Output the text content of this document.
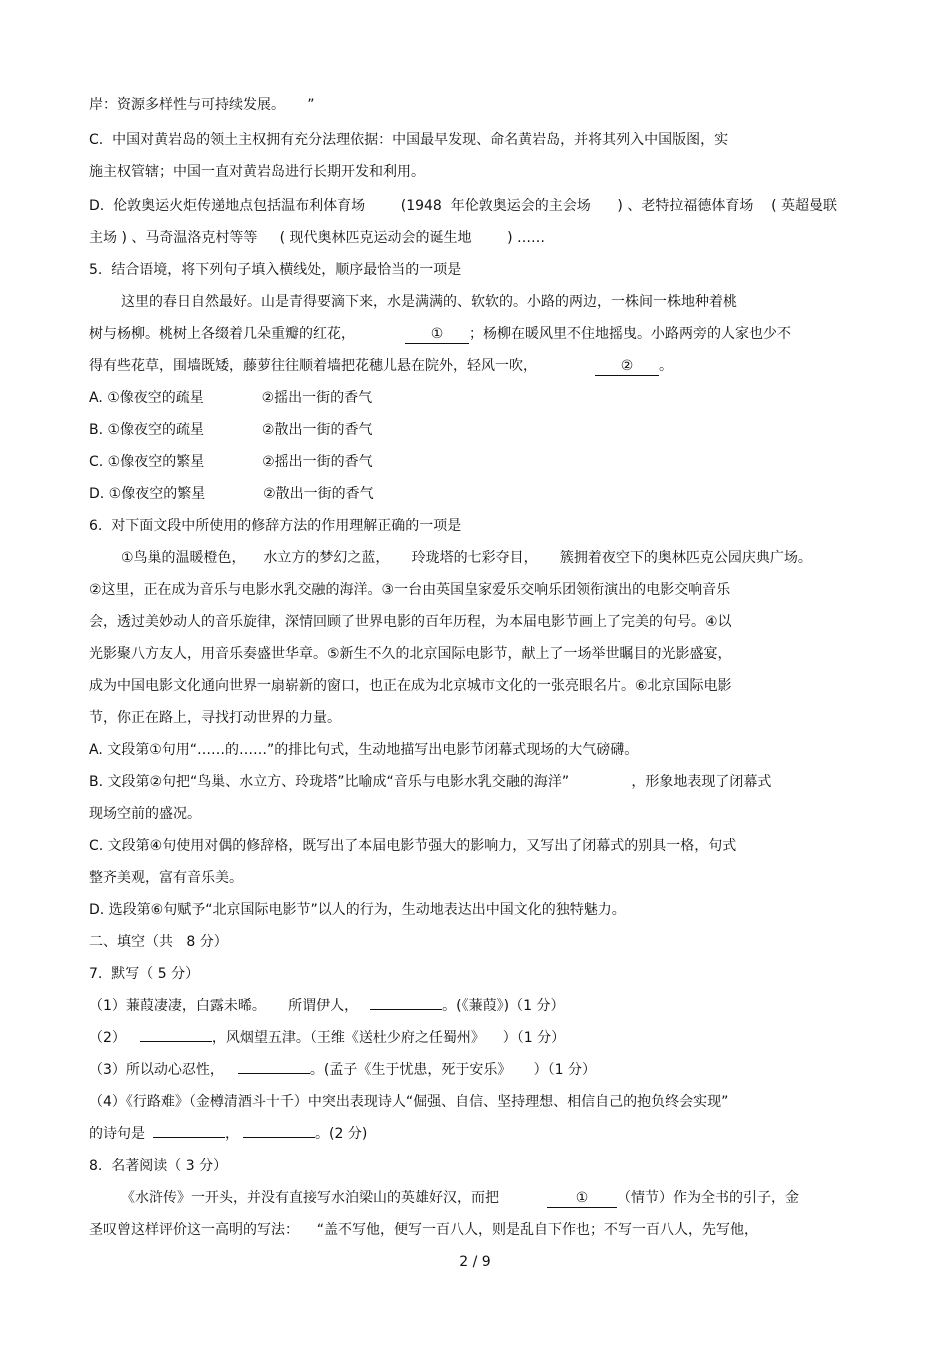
岸：资源多样性与可持续发展。     ”
C.  中国对黄岩岛的领土主权拥有充分法理依据：中国最早发现、命名黄岩岛，并将其列入中国版图，实
施主权管辖；中国一直对黄岩岛进行长期开发和利用。
D.  伦敦奥运火炬传递地点包括温布利体育场        (1948  年伦敦奥运会的主会场      ) 、老特拉福德体育场    ( 英超曼联
主场 ) 、马奇温洛克村等等     ( 现代奥林匹克运动会的诞生地        ) ……
5.  结合语境，将下列句子填入横线处，顺序最恰当的一项是
这里的春日自然最好。山是青得要滴下来，水是满满的、软软的。小路的两边，一株间一株地种着桃
树与杨柳。桃树上各缀着几朵重瓣的红花，	① ；杨柳在暖风里不住地摇曳。小路两旁的人家也少不
得有些花草，围墙既矮，藤萝往往顺着墙把花穗儿悬在院外，轻风一吹，	② 。
A. ①像夜空的疏星             ②摇出一街的香气
B. ①像夜空的疏星             ②散出一街的香气
C. ①像夜空的繁星             ②摇出一街的香气
D. ①像夜空的繁星             ②散出一街的香气
6.  对下面文段中所使用的修辞方法的作用理解正确的一项是
①鸟巢的温暖橙色，    水立方的梦幻之蓝，     玲珑塔的七彩夺目，     簇拥着夜空下的奥林匹克公园庆典广场。
②这里，正在成为音乐与电影水乳交融的海洋。③一台由英国皇家爱乐交响乐团领衔演出的电影交响音乐
会，透过美妙动人的音乐旋律，深情回顾了世界电影的百年历程，为本届电影节画上了完美的句号。④以
光影聚八方友人，用音乐奏盛世华章。⑤新生不久的北京国际电影节，献上了一场举世瞩目的光影盛宴，
成为中国电影文化通向世界一扇崭新的窗口，也正在成为北京城市文化的一张亮眼名片。⑥北京国际电影
节，你正在路上，寻找打动世界的力量。
A. 文段第①句用“……的……”的排比句式，生动地描写出电影节闭幕式现场的大气磅礴。
B. 文段第②句把“鸟巢、水立方、玲珑塔”比喻成“音乐与电影水乳交融的海洋”              ，形象地表现了闭幕式
现场空前的盛况。
C. 文段第④句使用对偶的修辞格，既写出了本届电影节强大的影响力，又写出了闭幕式的别具一格，句式
整齐美观，富有音乐美。
D. 选段第⑥句赋予“北京国际电影节”以人的行为，生动地表达出中国文化的独特魅力。
二、填空（共   8 分）
7.  默写（ 5 分）
（1）蒹葭凄凄，白露未晞。     所谓伊人，	。(《蒹葭》)（1 分）
（2）	，风烟望五津。（王维《送杜少府之任蜀州》    ）（1 分）
（3）所以动心忍性，	。(孟子《生于忧患，死于安乐》     ）（1 分）
（4）《行路难》（金樽清酒斗十千）中突出表现诗人“倔强、自信、坚持理想、相信自己的抱负终会实现”
的诗句是	，	。(2 分)
8.  名著阅读（ 3 分）
《水浒传》一开头，并没有直接写水泊梁山的英雄好汉，而把	① （情节）作为全书的引子，金
圣叹曾这样评价这一高明的写法：    “盖不写他，便写一百八人，则是乱自下作也；不写一百八人，先写他，
2 / 9
